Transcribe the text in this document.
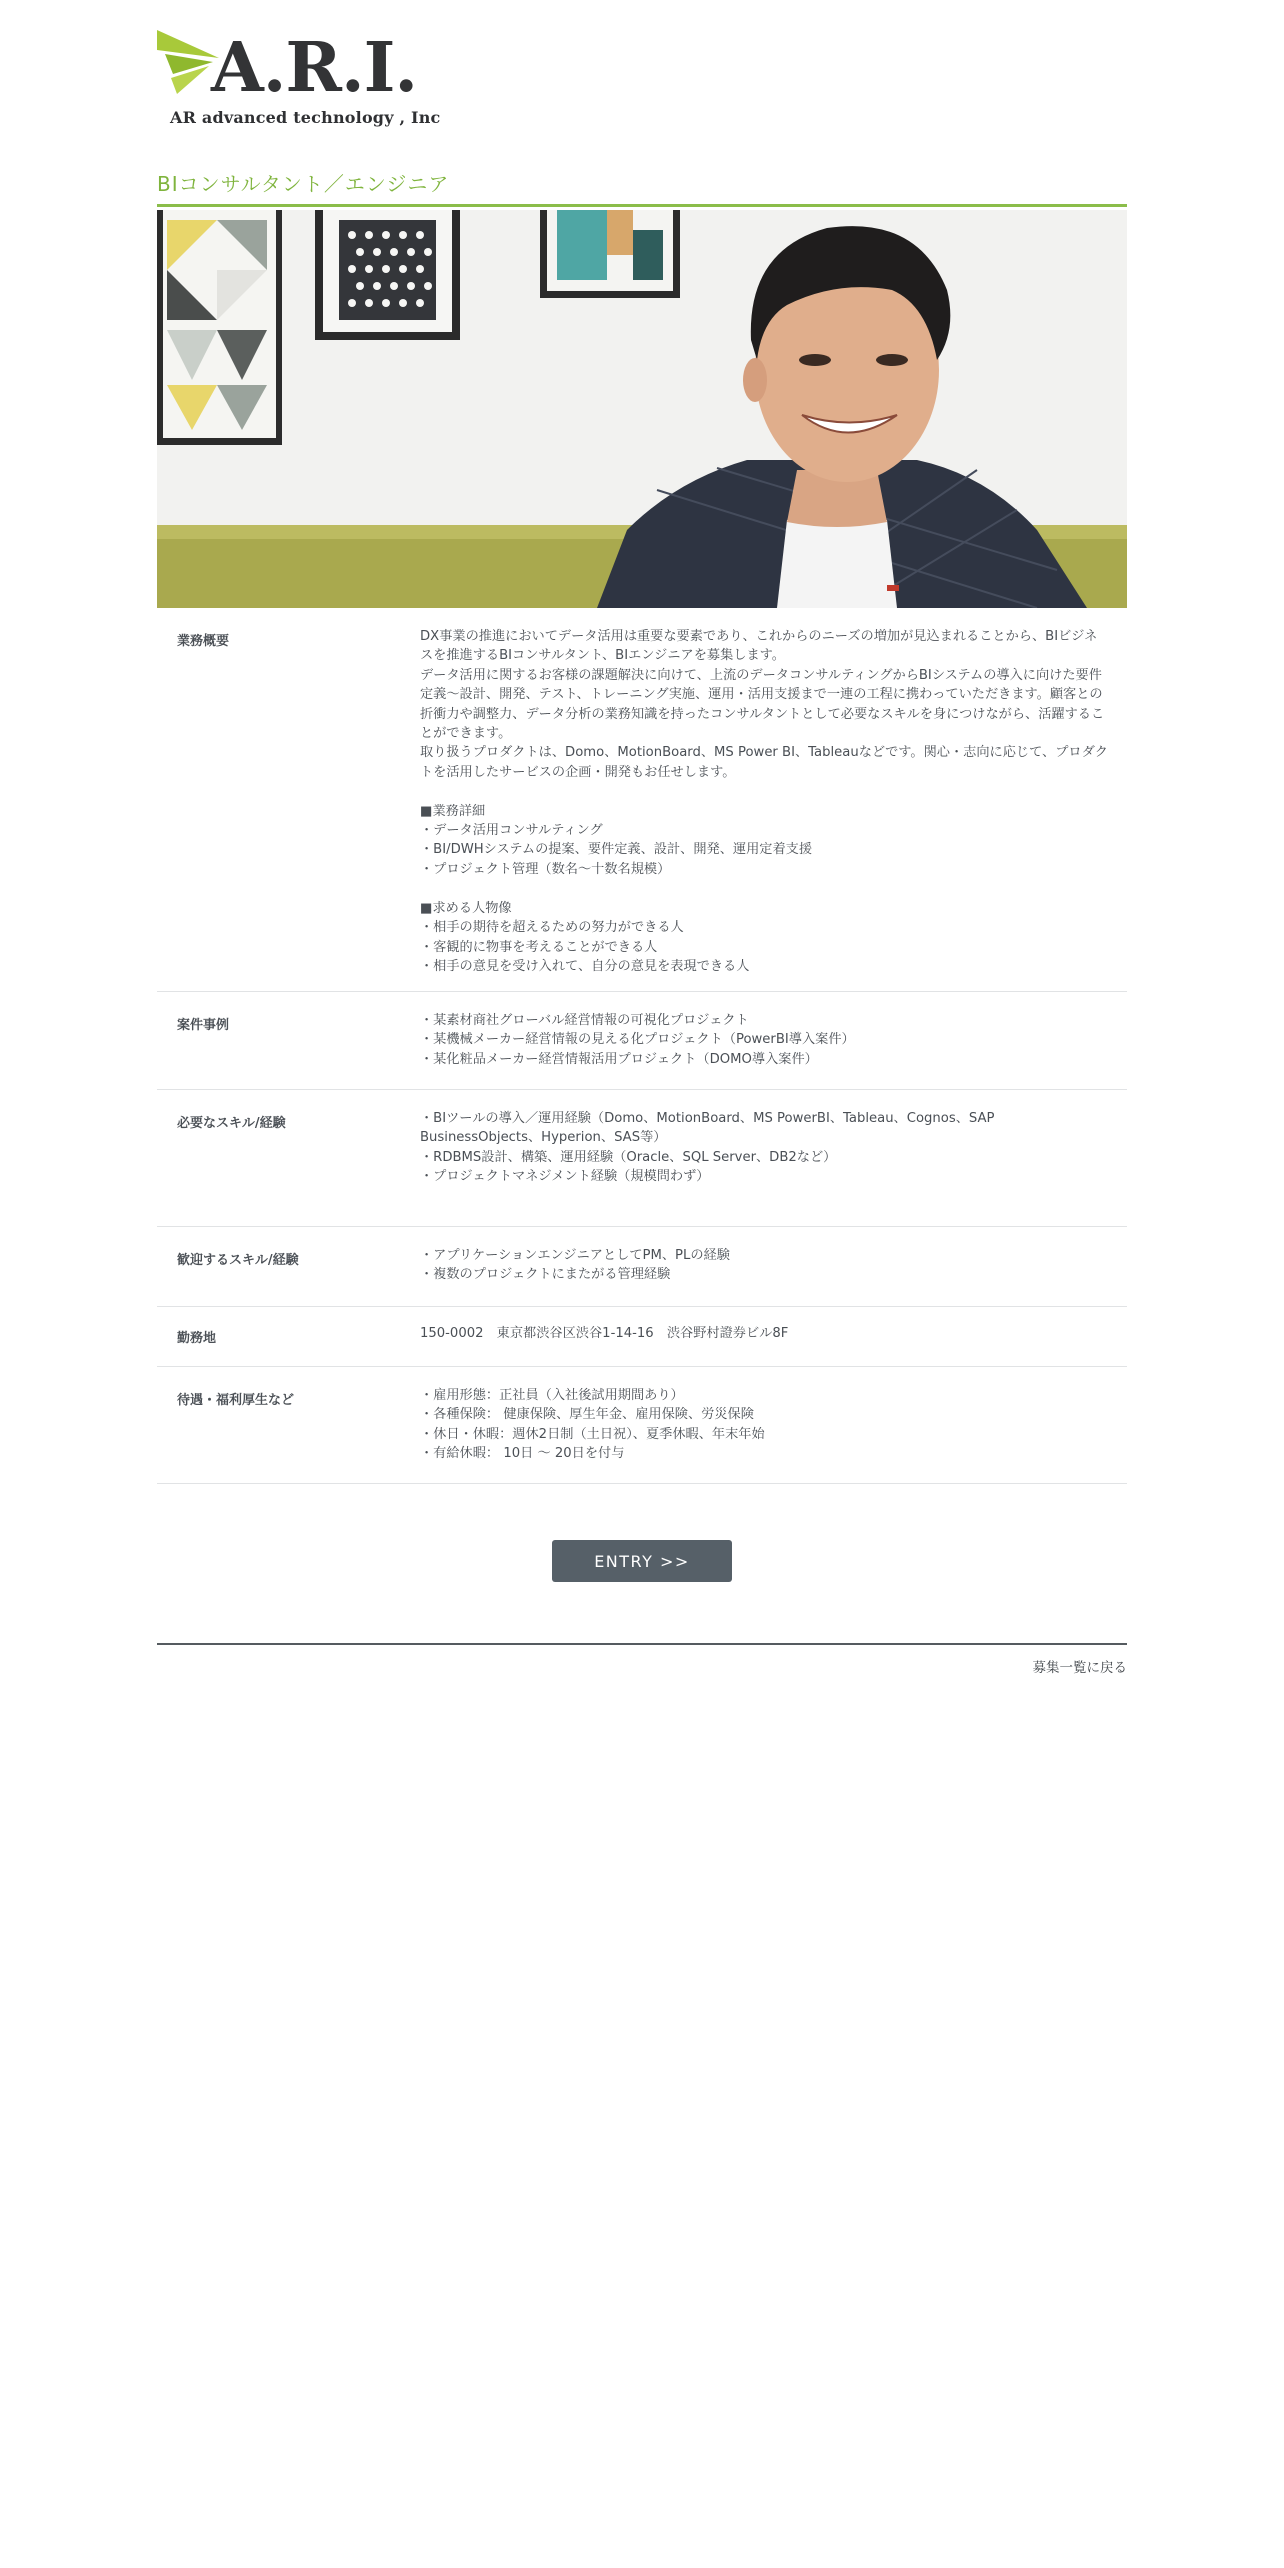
A.R.I.
AR advanced technology , Inc
BIコンサルタント／エンジニア
業務概要	DX事業の推進においてデータ活用は重要な要素であり、これからのニーズの増加が見込まれることから、BIビジネスを推進するBIコンサルタント、BIエンジニアを募集します。
データ活用に関するお客様の課題解決に向けて、上流のデータコンサルティングからBIシステムの導入に向けた要件定義～設計、開発、テスト、トレーニング実施、運用・活用支援まで一連の工程に携わっていただきます。顧客との折衝力や調整力、データ分析の業務知識を持ったコンサルタントとして必要なスキルを身につけながら、活躍することができます。
取り扱うプロダクトは、Domo、MotionBoard、MS Power BI、Tableauなどです。関心・志向に応じて、プロダクトを活用したサービスの企画・開発もお任せします。

■業務詳細
・データ活用コンサルティング
・BI/DWHシステムの提案、要件定義、設計、開発、運用定着支援
・プロジェクト管理（数名～十数名規模）

■求める人物像
・相手の期待を超えるための努力ができる人
・客観的に物事を考えることができる人
・相手の意見を受け入れて、自分の意見を表現できる人
案件事例	・某素材商社グローバル経営情報の可視化プロジェクト
・某機械メーカー経営情報の見える化プロジェクト（PowerBI導入案件）
・某化粧品メーカー経営情報活用プロジェクト（DOMO導入案件）
必要なスキル/経験	・BIツールの導入／運用経験（Domo、MotionBoard、MS PowerBI、Tableau、Cognos、SAP BusinessObjects、Hyperion、SAS等）
・RDBMS設計、構築、運用経験（Oracle、SQL Server、DB2など）
・プロジェクトマネジメント経験（規模問わず）
歓迎するスキル/経験	・アプリケーションエンジニアとしてPM、PLの経験
・複数のプロジェクトにまたがる管理経験
勤務地	150-0002　東京都渋谷区渋谷1-14-16　渋谷野村證券ビル8F
待遇・福利厚生など	・雇用形態：正社員（入社後試用期間あり）
・各種保険： 健康保険、厚生年金、雇用保険、労災保険
・休日・休暇：週休2日制（土日祝）、夏季休暇、年末年始
・有給休暇： 10日 ～ 20日を付与
ENTRY >>
募集一覧に戻る
